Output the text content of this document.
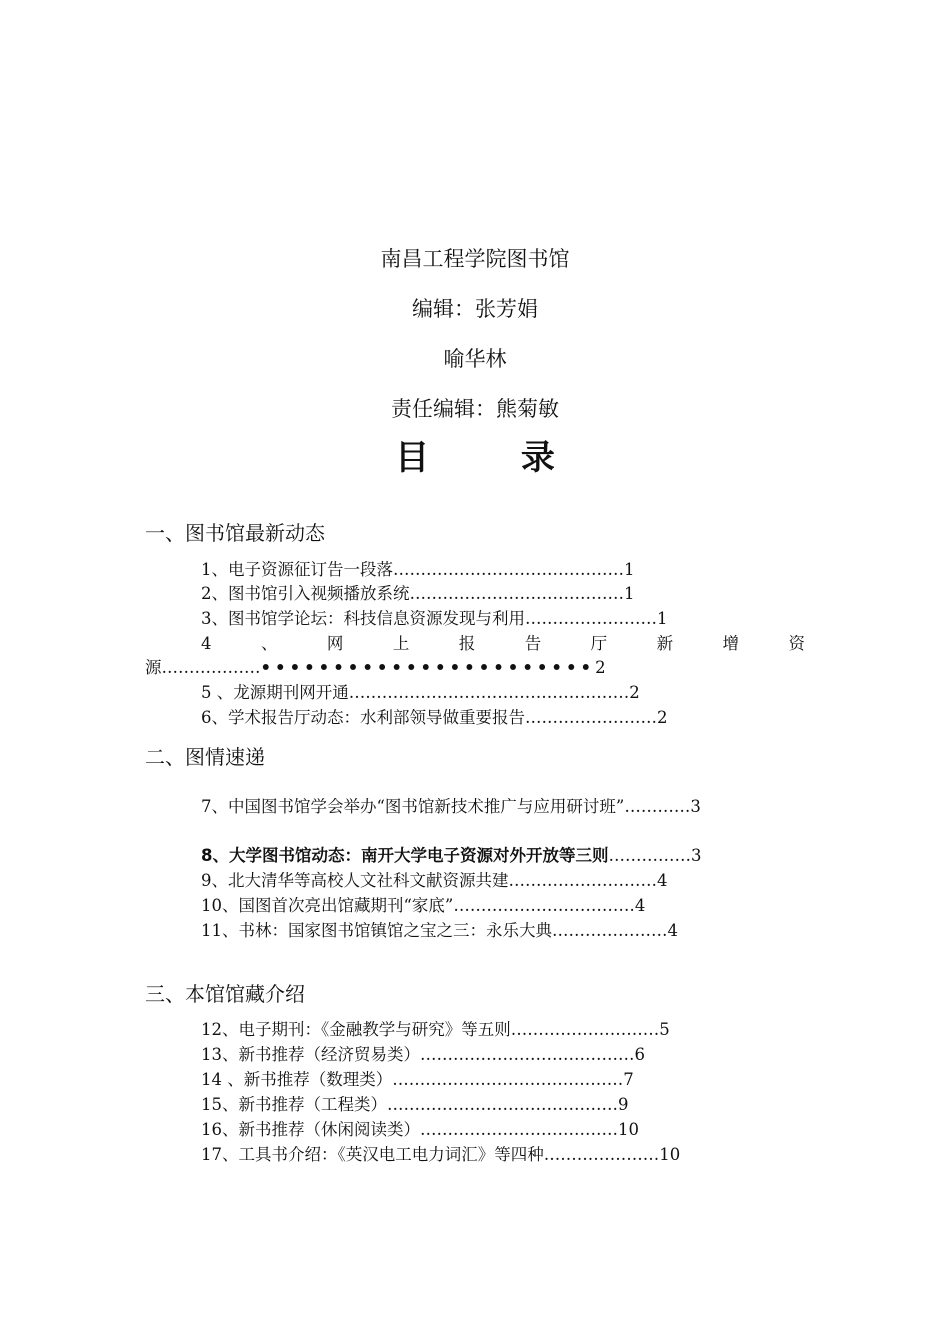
南昌工程学院图书馆
编辑：张芳娟
喻华林
责任编辑：熊菊敏
目	录
一、图书馆最新动态
1、电子资源征订告一段落……………………………………1
2、图书馆引入视频播放系统…………………………………1
3、图书馆学论坛：科技信息资源发现与利用……………………1
4	、	网	上	报	告	厅	新	增	资
源………………•••••••••••••••••••••••2
5 、龙源期刊网开通……………………………………………2
6、学术报告厅动态：水利部领导做重要报告……………………2
二、图情速递
7、中国图书馆学会举办“图书馆新技术推广与应用研讨班”…………3
8、大学图书馆动态：南开大学电子资源对外开放等三则……………3
9、北大清华等高校人文社科文献资源共建………………………4
10、国图首次亮出馆藏期刊“家底”……………………………4
11、书林：国家图书馆镇馆之宝之三：永乐大典…………………4
三、本馆馆藏介绍
12、电子期刊：《金融教学与研究》等五则………………………5
13、新书推荐（经济贸易类）…………………………………6
14 、新书推荐（数理类）……………………………………7
15、新书推荐（工程类）……………………………………9
16、新书推荐（休闲阅读类）………………………………10
17、工具书介绍：《英汉电工电力词汇》等四种…………………10
